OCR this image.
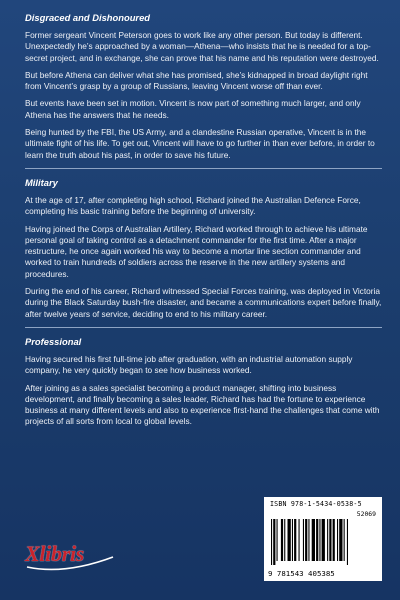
Disgraced and Dishonoured

Former sergeant Vincent Peterson goes to work like any other person. But today is different. Unexpectedly he’s approached by a woman—Athena—who insists that he is needed for a top-secret project, and in exchange, she can prove that his name and his reputation were destroyed.

But before Athena can deliver what she has promised, she’s kidnapped in broad daylight right from Vincent’s grasp by a group of Russians, leaving Vincent worse off than ever.

But events have been set in motion. Vincent is now part of something much larger, and only Athena has the answers that he needs.

Being hunted by the FBI, the US Army, and a clandestine Russian operative, Vincent is in the ultimate fight of his life. To get out, Vincent will have to go further in than ever before, in order to learn the truth about his past, in order to save his future.

Military

At the age of 17, after completing high school, Richard joined the Australian Defence Force, completing his basic training before the beginning of university.

Having joined the Corps of Australian Artillery, Richard worked through to achieve his ultimate personal goal of taking control as a detachment commander for the first time. After a major restructure, he once again worked his way to become a mortar line section commander and worked to train hundreds of soldiers across the reserve in the new artillery systems and procedures.

During the end of his career, Richard witnessed Special Forces training, was deployed in Victoria during the Black Saturday bush-fire disaster, and became a communications expert before finally, after twelve years of service, deciding to end to his military career.

Professional

Having secured his first full-time job after graduation, with an industrial automation supply company, he very quickly began to see how business worked.

After joining as a sales specialist becoming a product manager, shifting into business development, and finally becoming a sales leader, Richard has had the fortune to experience business at many different levels and also to experience first-hand the challenges that come with projects of all sorts from local to global levels.

Xlibris
ISBN 978-1-5434-0538-5
52069
9 781543 405385
